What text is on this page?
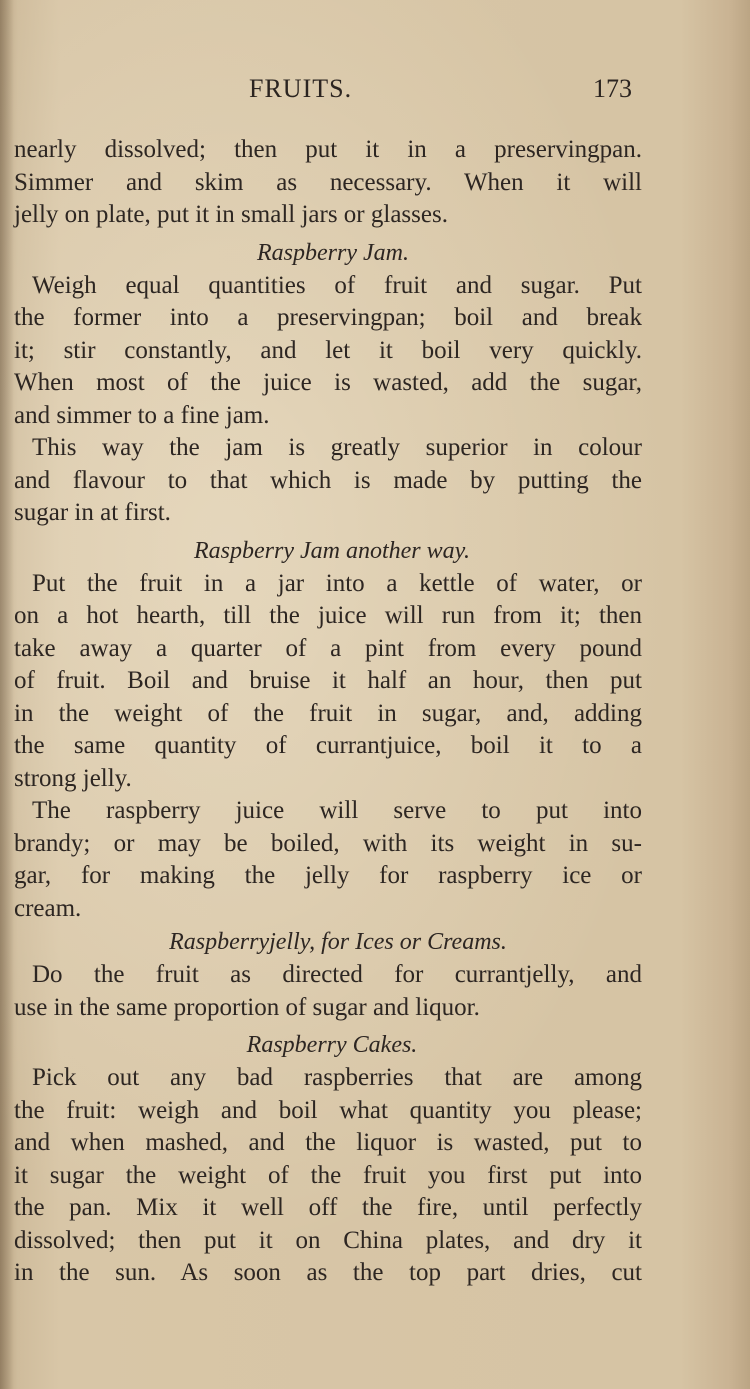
FRUITS.	173
nearly dissolved; then put it in a preservingpan.
Simmer and skim as necessary. When it will
jelly on plate, put it in small jars or glasses.
Raspberry Jam.
Weigh equal quantities of fruit and sugar. Put
the former into a preservingpan; boil and break
it; stir constantly, and let it boil very quickly.
When most of the juice is wasted, add the sugar,
and simmer to a fine jam.
This way the jam is greatly superior in colour
and flavour to that which is made by putting the
sugar in at first.
Raspberry Jam another way.
Put the fruit in a jar into a kettle of water, or
on a hot hearth, till the juice will run from it; then
take away a quarter of a pint from every pound
of fruit. Boil and bruise it half an hour, then put
in the weight of the fruit in sugar, and, adding
the same quantity of currantjuice, boil it to a
strong jelly.
The raspberry juice will serve to put into
brandy; or may be boiled, with its weight in su-
gar, for making the jelly for raspberry ice or
cream.
Raspberryjelly, for Ices or Creams.
Do the fruit as directed for currantjelly, and
use in the same proportion of sugar and liquor.
Raspberry Cakes.
Pick out any bad raspberries that are among
the fruit: weigh and boil what quantity you please;
and when mashed, and the liquor is wasted, put to
it sugar the weight of the fruit you first put into
the pan. Mix it well off the fire, until perfectly
dissolved; then put it on China plates, and dry it
in the sun. As soon as the top part dries, cut
